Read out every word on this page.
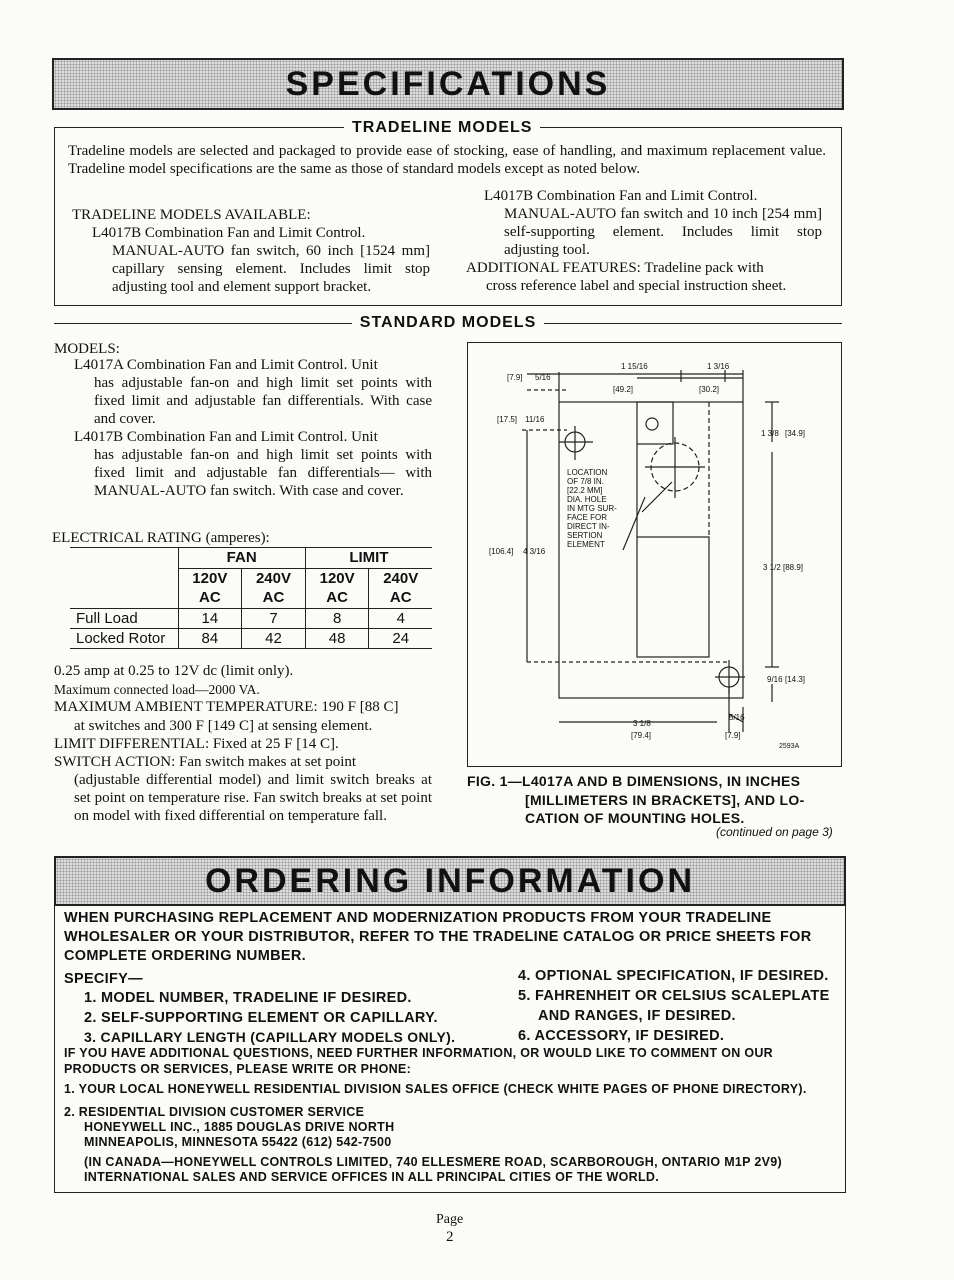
SPECIFICATIONS
TRADELINE MODELS
Tradeline models are selected and packaged to provide ease of stocking, ease of handling, and maximum replacement value. Tradeline model specifications are the same as those of standard models except as noted below.
TRADELINE MODELS AVAILABLE:
L4017B Combination Fan and Limit Control.
MANUAL-AUTO fan switch, 60 inch [1524 mm] capillary sensing element. Includes limit stop adjusting tool and element support bracket.
L4017B Combination Fan and Limit Control.
MANUAL-AUTO fan switch and 10 inch [254 mm] self-supporting element. Includes limit stop adjusting tool.
ADDITIONAL FEATURES: Tradeline pack with
cross reference label and special instruction sheet.
STANDARD MODELS
MODELS:
L4017A Combination Fan and Limit Control. Unit
has adjustable fan-on and high limit set points with fixed limit and adjustable fan differentials. With case and cover.
L4017B Combination Fan and Limit Control. Unit
has adjustable fan-on and high limit set points with fixed limit and adjustable fan differentials— with MANUAL-AUTO fan switch. With case and cover.
ELECTRICAL RATING (amperes):
	FAN		LIMIT	
	120V	240V	120V	240V
	AC	AC	AC	AC
Full Load	14	7	8	4
Locked Rotor	84	42	48	24
0.25 amp at 0.25 to 12V dc (limit only).
Maximum connected load—2000 VA.
MAXIMUM AMBIENT TEMPERATURE: 190 F [88 C]
at switches and 300 F [149 C] at sensing element.
LIMIT DIFFERENTIAL: Fixed at 25 F [14 C].
SWITCH ACTION: Fan switch makes at set point
(adjustable differential model) and limit switch breaks at set point on temperature rise. Fan switch breaks at set point on model with fixed differential on temperature fall.
[7.9] 5/16
1 15/16
[49.2]
1 3/16
[30.2]
[17.5] 11/16
1 3/8 [34.9]
[106.4] 4 3/16
3 1/2 [88.9]
9/16 [14.3]
3 1/8
[79.4]
5/16
[7.9]
2593A
LOCATION
OF 7/8 IN.
[22.2 MM]
DIA. HOLE
IN MTG SUR-
FACE FOR
DIRECT IN-
SERTION
ELEMENT
FIG. 1—L4017A AND B DIMENSIONS, IN INCHES
[MILLIMETERS IN BRACKETS], AND LO-
CATION OF MOUNTING HOLES.
(continued on page 3)
ORDERING INFORMATION
WHEN PURCHASING REPLACEMENT AND MODERNIZATION PRODUCTS FROM YOUR TRADELINE WHOLESALER OR YOUR DISTRIBUTOR, REFER TO THE TRADELINE CATALOG OR PRICE SHEETS FOR COMPLETE ORDERING NUMBER.
SPECIFY—
1. MODEL NUMBER, TRADELINE IF DESIRED.
2. SELF-SUPPORTING ELEMENT OR CAPILLARY.
3. CAPILLARY LENGTH (CAPILLARY MODELS ONLY).
4. OPTIONAL SPECIFICATION, IF DESIRED.
5. FAHRENHEIT OR CELSIUS SCALEPLATE
AND RANGES, IF DESIRED.
6. ACCESSORY, IF DESIRED.
IF YOU HAVE ADDITIONAL QUESTIONS, NEED FURTHER INFORMATION, OR WOULD LIKE TO COMMENT ON OUR PRODUCTS OR SERVICES, PLEASE WRITE OR PHONE:
1. YOUR LOCAL HONEYWELL RESIDENTIAL DIVISION SALES OFFICE (CHECK WHITE PAGES OF PHONE DIRECTORY).
2. RESIDENTIAL DIVISION CUSTOMER SERVICE
HONEYWELL INC., 1885 DOUGLAS DRIVE NORTH
MINNEAPOLIS, MINNESOTA 55422 (612) 542-7500
(IN CANADA—HONEYWELL CONTROLS LIMITED, 740 ELLESMERE ROAD, SCARBOROUGH, ONTARIO M1P 2V9)
INTERNATIONAL SALES AND SERVICE OFFICES IN ALL PRINCIPAL CITIES OF THE WORLD.
Page
2
